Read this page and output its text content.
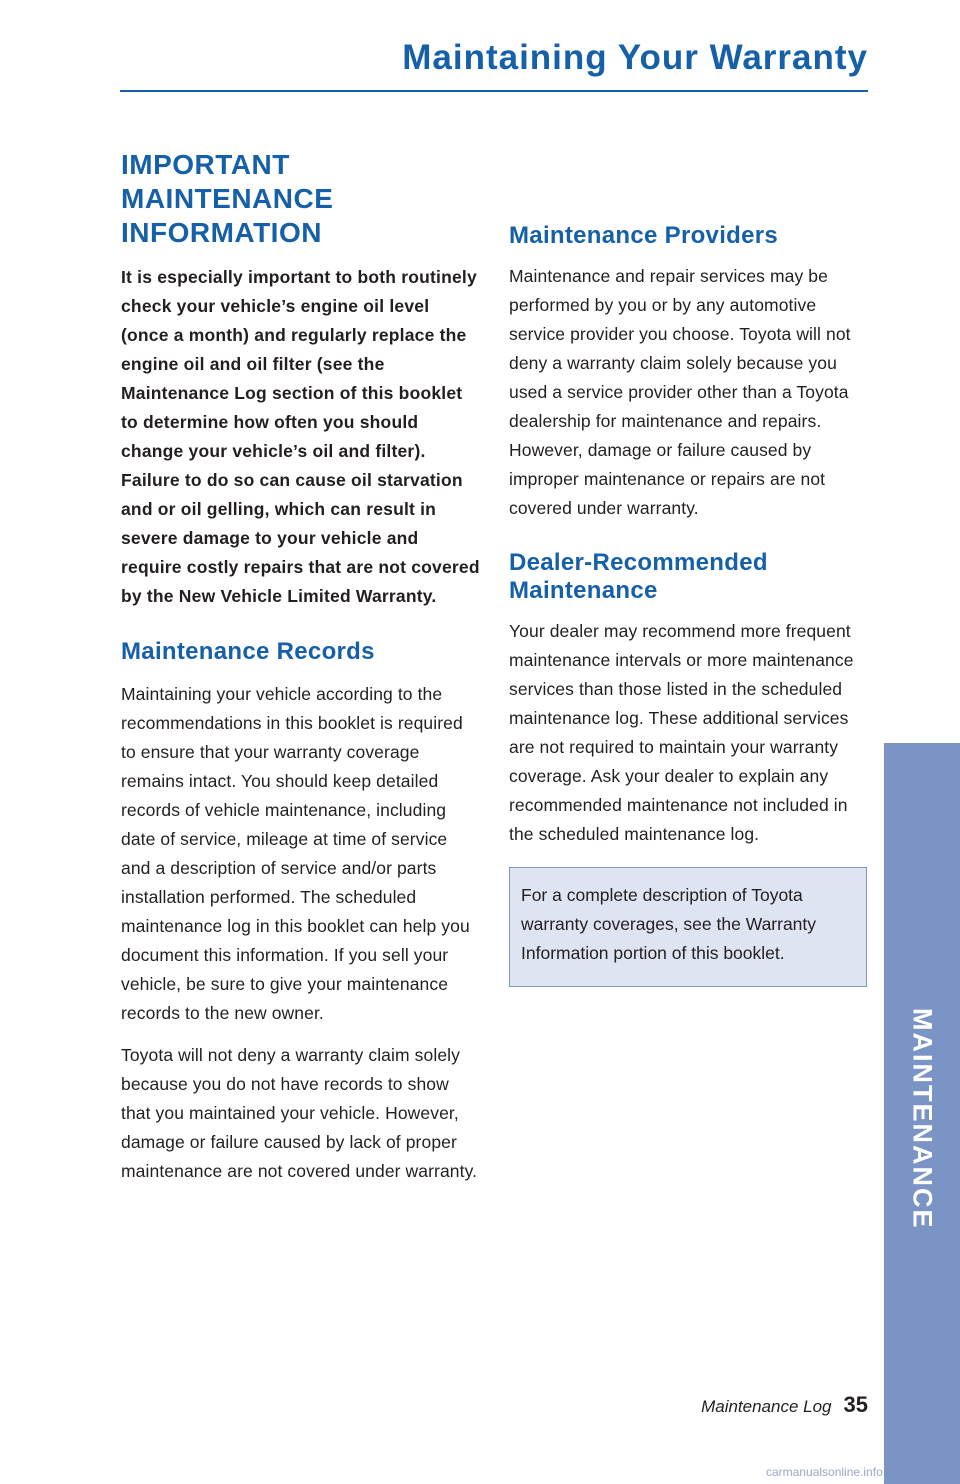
Maintaining Your Warranty
IMPORTANT MAINTENANCE
INFORMATION

It is especially important to both routinely check your vehicle’s engine oil level (once a month) and regularly replace the engine oil and oil filter (see the Maintenance Log section of this booklet to determine how often you should change your vehicle’s oil and filter). Failure to do so can cause oil starvation and or oil gelling, which can result in severe damage to your vehicle and require costly repairs that are not covered by the New Vehicle Limited Warranty.

Maintenance Records

Maintaining your vehicle according to the recommendations in this booklet is required to ensure that your warranty coverage remains intact. You should keep detailed records of vehicle maintenance, including date of service, mileage at time of service and a description of service and/or parts installation performed. The scheduled maintenance log in this booklet can help you document this information. If you sell your vehicle, be sure to give your maintenance records to the new owner.

Toyota will not deny a warranty claim solely because you do not have records to show that you maintained your vehicle. However, damage or failure caused by lack of proper maintenance are not covered under warranty.

Maintenance Providers

Maintenance and repair services may be performed by you or by any automotive service provider you choose. Toyota will not deny a warranty claim solely because you used a service provider other than a Toyota dealership for maintenance and repairs. However, damage or failure caused by improper maintenance or repairs are not covered under warranty.

Dealer-Recommended
Maintenance

Your dealer may recommend more frequent maintenance intervals or more maintenance services than those listed in the scheduled maintenance log. These additional services are not required to maintain your warranty coverage. Ask your dealer to explain any recommended maintenance not included in the scheduled maintenance log.

For a complete description of Toyota warranty coverages, see the Warranty Information portion of this booklet.

MAINTENANCE
Maintenance Log 35
carmanualsonline.info
